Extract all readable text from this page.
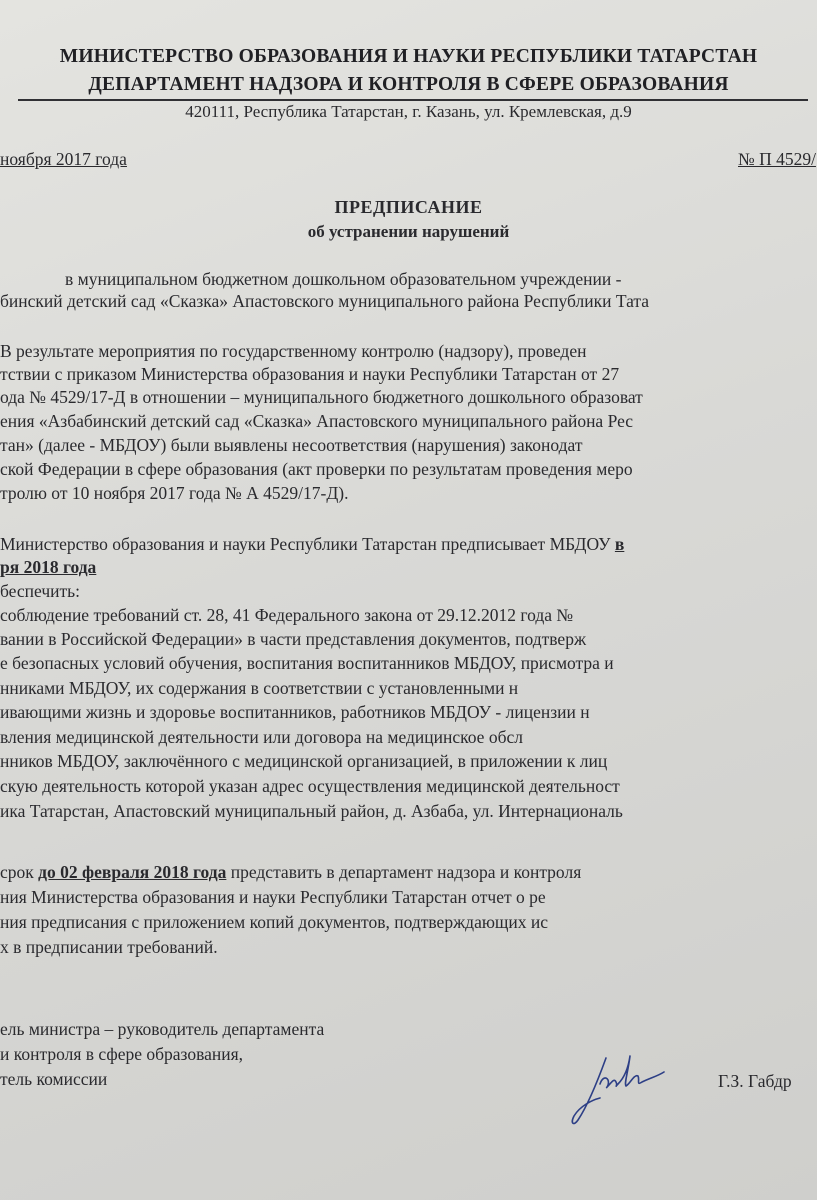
МИНИСТЕРСТВО ОБРАЗОВАНИЯ И НАУКИ РЕСПУБЛИКИ ТАТАРСТАН
ДЕПАРТАМЕНТ НАДЗОРА И КОНТРОЛЯ В СФЕРЕ ОБРАЗОВАНИЯ
420111, Республика Татарстан, г. Казань, ул. Кремлевская, д.9
ноября 2017 года	№ П 4529/
ПРЕДПИСАНИЕ
об устранении нарушений
в муниципальном бюджетном дошкольном образовательном учреждении -
бинский детский сад «Сказка» Апастовского муниципального района Республики Тата
В результате мероприятия по государственному контролю (надзору), проведен
тствии с приказом Министерства образования и науки Республики Татарстан от 27
ода № 4529/17-Д в отношении – муниципального бюджетного дошкольного образоват
ения «Азбабинский детский сад «Сказка» Апастовского муниципального района Рес
тан» (далее - МБДОУ) были выявлены несоответствия (нарушения) законодат
ской Федерации в сфере образования (акт проверки по результатам проведения меро
тролю от 10 ноября 2017 года № А 4529/17-Д).
Министерство образования и науки Республики Татарстан предписывает МБДОУ в
ря 2018 года
беспечить:
соблюдение требований ст. 28, 41 Федерального закона от 29.12.2012 года №
вании в Российской Федерации» в части представления документов, подтверж
е безопасных условий обучения, воспитания воспитанников МБДОУ, присмотра и
нниками МБДОУ, их содержания в соответствии с установленными н
ивающими жизнь и здоровье воспитанников, работников МБДОУ - лицензии н
вления медицинской деятельности или договора на медицинское обсл
нников МБДОУ, заключённого с медицинской организацией, в приложении к лиц
скую деятельность которой указан адрес осуществления медицинской деятельност
ика Татарстан, Апастовский муниципальный район, д. Азбаба, ул. Интернациональ
срок до 02 февраля 2018 года представить в департамент надзора и контроля
ния Министерства образования и науки Республики Татарстан отчет о ре
ния предписания с приложением копий документов, подтверждающих ис
х в предписании требований.
ель министра – руководитель департамента
и контроля в сфере образования,
тель комиссии	Г.З. Габдр
